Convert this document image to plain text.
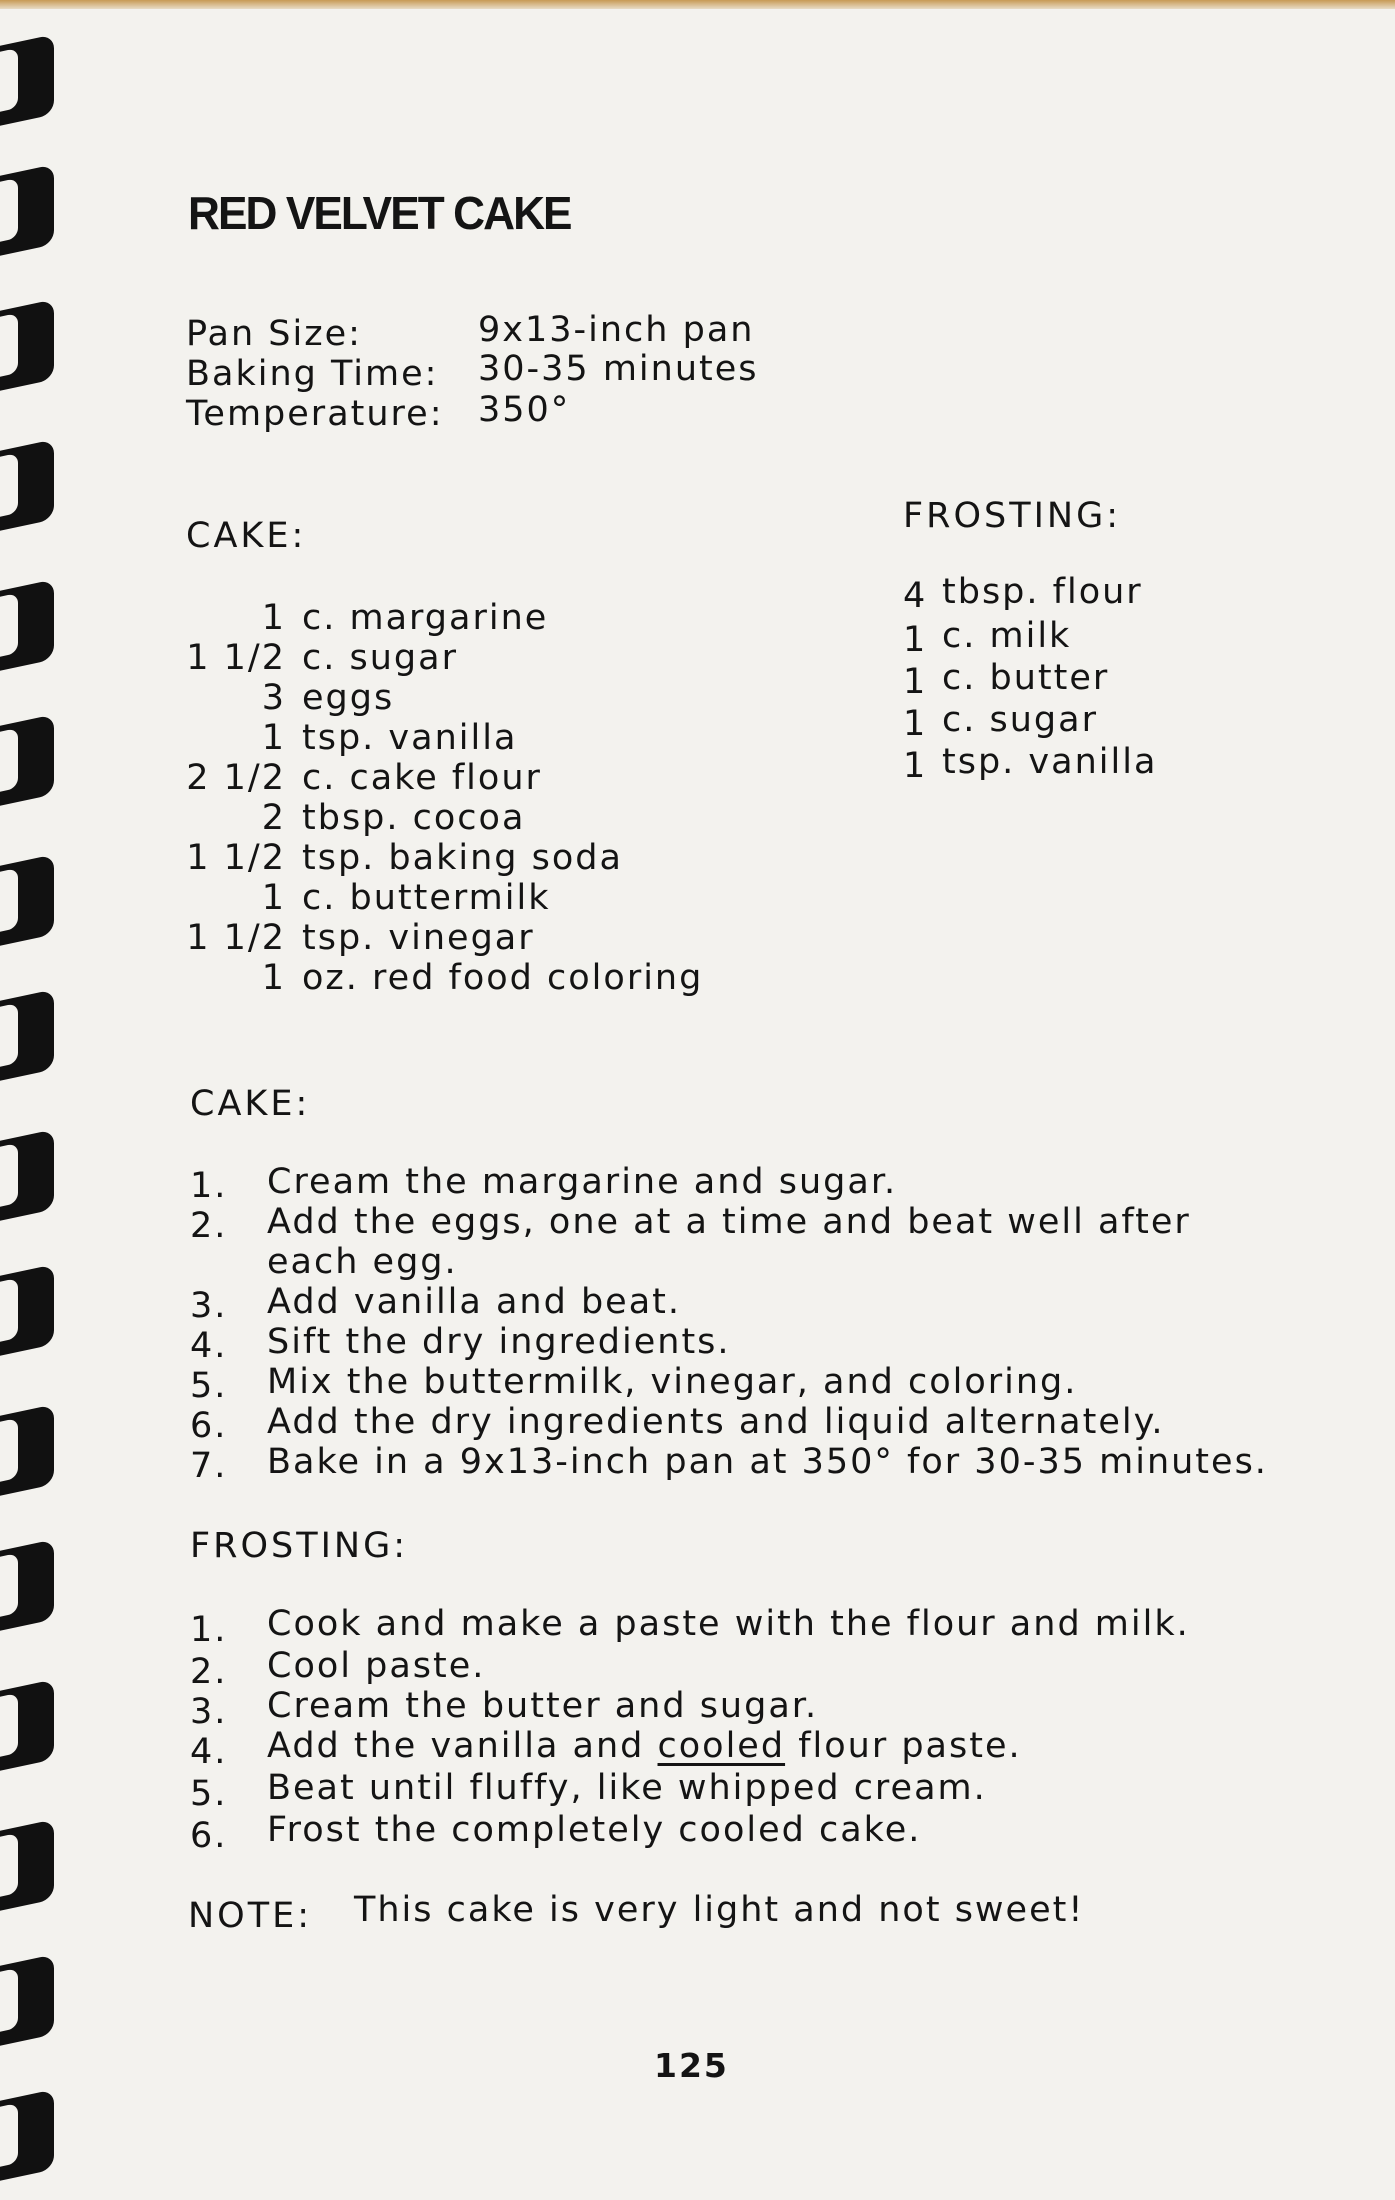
RED VELVET CAKE
Pan Size:	9x13-inch pan
Baking Time: 30-35 minutes
Temperature: 350°
CAKE:
1 c. margarine
1 1/2 c. sugar
3 eggs
1 tsp. vanilla
2 1/2 c. cake flour
2 tbsp. cocoa
1 1/2 tsp. baking soda
1 c. buttermilk
1 1/2 tsp. vinegar
1 oz. red food coloring
FROSTING:
4 tbsp. flour
1 c. milk
1 c. butter
1 c. sugar
1 tsp. vanilla
CAKE:
1. Cream the margarine and sugar.
2. Add the eggs, one at a time and beat well after
each egg.
3. Add vanilla and beat.
4. Sift the dry ingredients.
5. Mix the buttermilk, vinegar, and coloring.
6. Add the dry ingredients and liquid alternately.
7. Bake in a 9x13-inch pan at 350° for 30-35 minutes.
FROSTING:
1. Cook and make a paste with the flour and milk.
2. Cool paste.
3. Cream the butter and sugar.
4. Add the vanilla and cooled flour paste.
5. Beat until fluffy, like whipped cream.
6. Frost the completely cooled cake.
NOTE: This cake is very light and not sweet!
125
